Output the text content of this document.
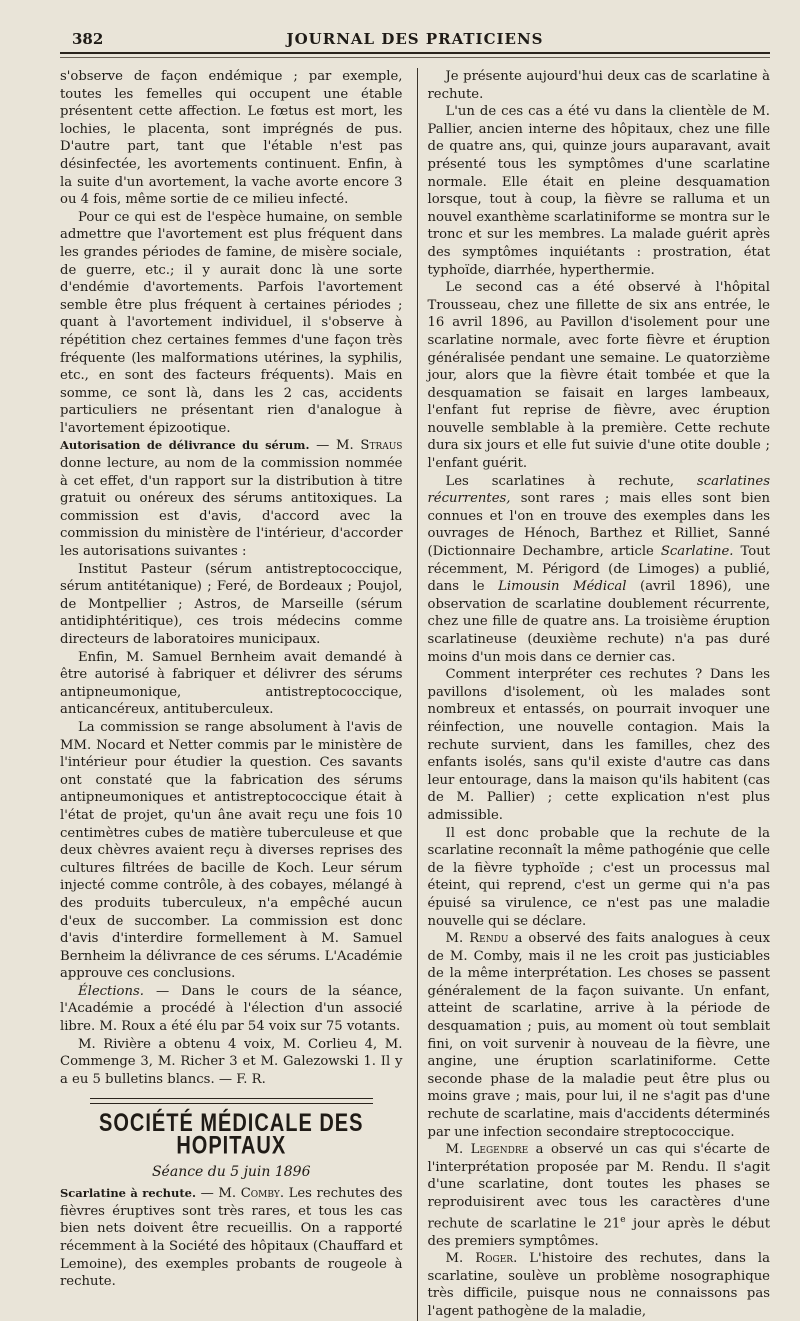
382	JOURNAL DES PRATICIENS

s'observe de façon endémique ; par exemple, toutes les femelles qui occupent une étable présentent cette affection. Le fœtus est mort, les lochies, le placenta, sont imprégnés de pus. D'autre part, tant que l'étable n'est pas désinfectée, les avortements continuent. Enfin, à la suite d'un avortement, la vache avorte encore 3 ou 4 fois, même sortie de ce milieu infecté.

Pour ce qui est de l'espèce humaine, on semble admettre que l'avortement est plus fréquent dans les grandes périodes de famine, de misère sociale, de guerre, etc.; il y aurait donc là une sorte d'endémie d'avortements. Parfois l'avortement semble être plus fréquent à certaines périodes ; quant à l'avortement individuel, il s'observe à répétition chez certaines femmes d'une façon très fréquente (les malformations utérines, la syphilis, etc., en sont des facteurs fréquents). Mais en somme, ce sont là, dans les 2 cas, accidents particuliers ne présentant rien d'analogue à l'avortement épizootique.

Autorisation de délivrance du sérum. — M. Straus donne lecture, au nom de la commission nommée à cet effet, d'un rapport sur la distribution à titre gratuit ou onéreux des sérums antitoxiques. La commission est d'avis, d'accord avec la commission du ministère de l'intérieur, d'accorder les autorisations suivantes :

Institut Pasteur (sérum antistreptococcique, sérum antitétanique) ; Feré, de Bordeaux ; Poujol, de Montpellier ; Astros, de Marseille (sérum antidiphtéritique), ces trois médecins comme directeurs de laboratoires municipaux.

Enfin, M. Samuel Bernheim avait demandé à être autorisé à fabriquer et délivrer des sérums antipneumonique, antistreptococcique, anticancéreux, antituberculeux.

La commission se range absolument à l'avis de MM. Nocard et Netter commis par le ministère de l'intérieur pour étudier la question. Ces savants ont constaté que la fabrication des sérums antipneumoniques et antistreptococcique était à l'état de projet, qu'un âne avait reçu une fois 10 centimètres cubes de matière tuberculeuse et que deux chèvres avaient reçu à diverses reprises des cultures filtrées de bacille de Koch. Leur sérum injecté comme contrôle, à des cobayes, mélangé à des produits tuberculeux, n'a empêché aucun d'eux de succomber. La commission est donc d'avis d'interdire formellement à M. Samuel Bernheim la délivrance de ces sérums. L'Académie approuve ces conclusions.

Élections. — Dans le cours de la séance, l'Académie a procédé à l'élection d'un associé libre. M. Roux a été élu par 54 voix sur 75 votants.

M. Rivière a obtenu 4 voix, M. Corlieu 4, M. Commenge 3, M. Richer 3 et M. Galezowski 1. Il y a eu 5 bulletins blancs. — F. R.

SOCIÉTÉ MÉDICALE DES HOPITAUX
Séance du 5 juin 1896

Scarlatine à rechute. — M. Comby. Les rechutes des fièvres éruptives sont très rares, et tous les cas bien nets doivent être recueillis. On a rapporté récemment à la Société des hôpitaux (Chauffard et Lemoine), des exemples probants de rougeole à rechute.

Je présente aujourd'hui deux cas de scarlatine à rechute.

L'un de ces cas a été vu dans la clientèle de M. Pallier, ancien interne des hôpitaux, chez une fille de quatre ans, qui, quinze jours auparavant, avait présenté tous les symptômes d'une scarlatine normale. Elle était en pleine desquamation lorsque, tout à coup, la fièvre se ralluma et un nouvel exanthème scarlatiniforme se montra sur le tronc et sur les membres. La malade guérit après des symptômes inquiétants : prostration, état typhoïde, diarrhée, hyperthermie.

Le second cas a été observé à l'hôpital Trousseau, chez une fillette de six ans entrée, le 16 avril 1896, au Pavillon d'isolement pour une scarlatine normale, avec forte fièvre et éruption généralisée pendant une semaine. Le quatorzième jour, alors que la fièvre était tombée et que la desquamation se faisait en larges lambeaux, l'enfant fut reprise de fièvre, avec éruption nouvelle semblable à la première. Cette rechute dura six jours et elle fut suivie d'une otite double ; l'enfant guérit.

Les scarlatines à rechute, scarlatines récurrentes, sont rares ; mais elles sont bien connues et l'on en trouve des exemples dans les ouvrages de Hénoch, Barthez et Rilliet, Sanné (Dictionnaire Dechambre, article Scarlatine. Tout récemment, M. Périgord (de Limoges) a publié, dans le Limousin Médical (avril 1896), une observation de scarlatine doublement récurrente, chez une fille de quatre ans. La troisième éruption scarlatineuse (deuxième rechute) n'a pas duré moins d'un mois dans ce dernier cas.

Comment interpréter ces rechutes ? Dans les pavillons d'isolement, où les malades sont nombreux et entassés, on pourrait invoquer une réinfection, une nouvelle contagion. Mais la rechute survient, dans les familles, chez des enfants isolés, sans qu'il existe d'autre cas dans leur entourage, dans la maison qu'ils habitent (cas de M. Pallier) ; cette explication n'est plus admissible.

Il est donc probable que la rechute de la scarlatine reconnaît la même pathogénie que celle de la fièvre typhoïde ; c'est un processus mal éteint, qui reprend, c'est un germe qui n'a pas épuisé sa virulence, ce n'est pas une maladie nouvelle qui se déclare.

M. Rendu a observé des faits analogues à ceux de M. Comby, mais il ne les croit pas justiciables de la même interprétation. Les choses se passent généralement de la façon suivante. Un enfant, atteint de scarlatine, arrive à la période de desquamation ; puis, au moment où tout semblait fini, on voit survenir à nouveau de la fièvre, une angine, une éruption scarlatiniforme. Cette seconde phase de la maladie peut être plus ou moins grave ; mais, pour lui, il ne s'agit pas d'une rechute de scarlatine, mais d'accidents déterminés par une infection secondaire streptococcique.

M. Legendre a observé un cas qui s'écarte de l'interprétation proposée par M. Rendu. Il s'agit d'une scarlatine, dont toutes les phases se reproduisirent avec tous les caractères d'une rechute de scarlatine le 21e jour après le début des premiers symptômes.

M. Roger. L'histoire des rechutes, dans la scarlatine, soulève un problème nosographique très difficile, puisque nous ne connaissons pas l'agent pathogène de la maladie,
